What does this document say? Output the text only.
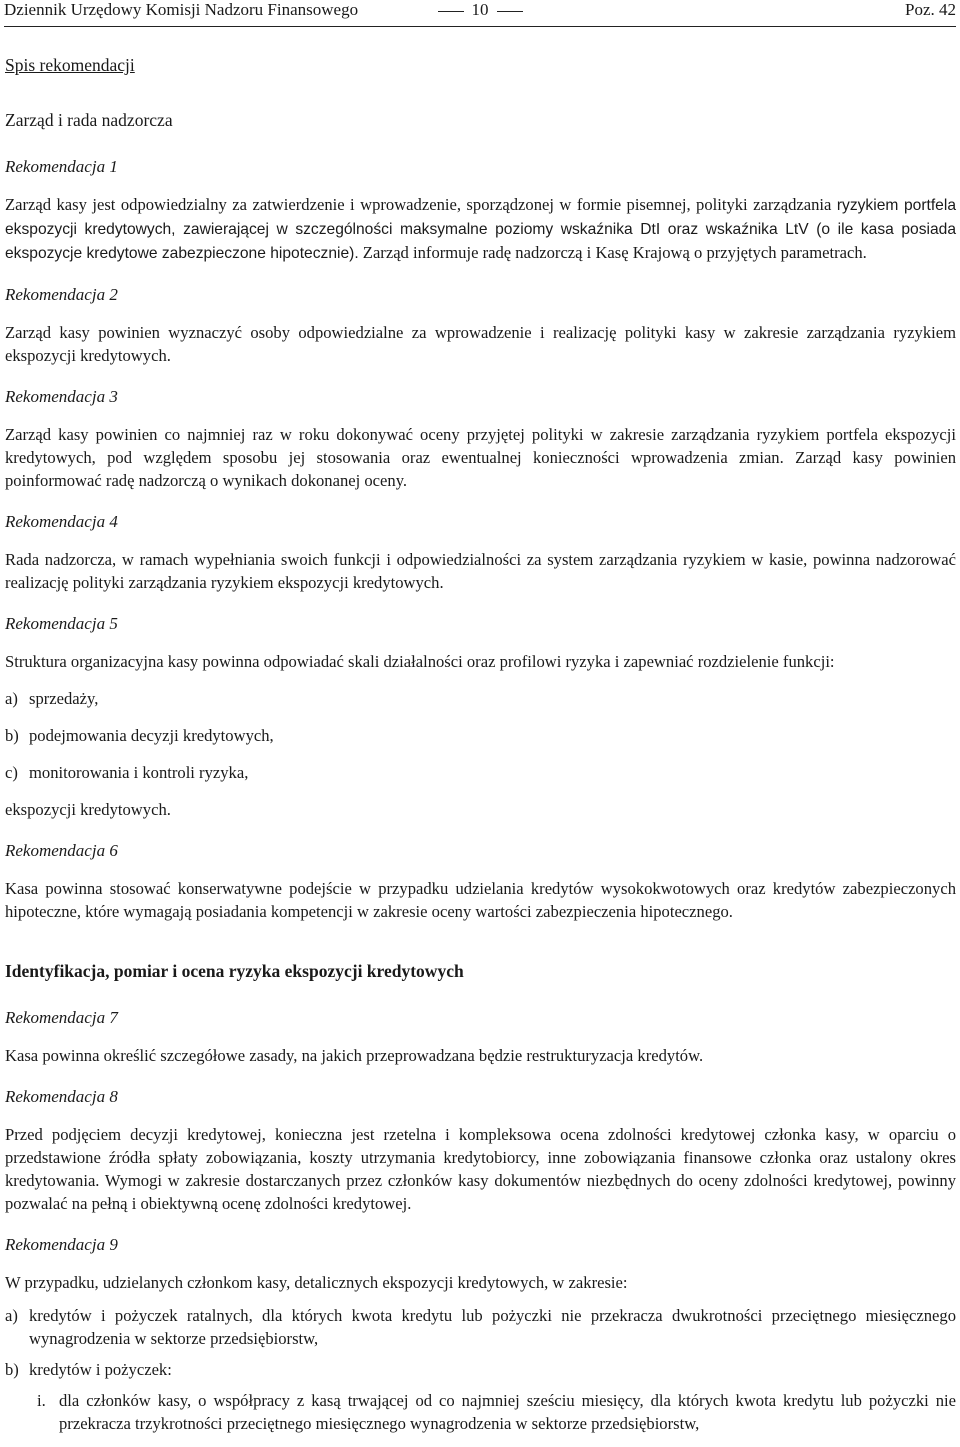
Dziennik Urzędowy Komisji Nadzoru Finansowego	10	Poz. 42
Spis rekomendacji
Zarząd i rada nadzorcza
Rekomendacja 1

Zarząd kasy jest odpowiedzialny za zatwierdzenie i wprowadzenie, sporządzonej w formie pisemnej, polityki zarządzania ryzykiem portfela ekspozycji kredytowych, zawierającej w szczególności maksymalne poziomy wskaźnika DtI oraz wskaźnika LtV (o ile kasa posiada ekspozycje kredytowe zabezpieczone hipotecznie). Zarząd informuje radę nadzorczą i Kasę Krajową o przyjętych parametrach.

Rekomendacja 2

Zarząd kasy powinien wyznaczyć osoby odpowiedzialne za wprowadzenie i realizację polityki kasy w zakresie zarządzania ryzykiem ekspozycji kredytowych.

Rekomendacja 3

Zarząd kasy powinien co najmniej raz w roku dokonywać oceny przyjętej polityki w zakresie zarządzania ryzykiem portfela ekspozycji kredytowych, pod względem sposobu jej stosowania oraz ewentualnej konieczności wprowadzenia zmian. Zarząd kasy powinien poinformować radę nadzorczą o wynikach dokonanej oceny.

Rekomendacja 4

Rada nadzorcza, w ramach wypełniania swoich funkcji i odpowiedzialności za system zarządzania ryzykiem w kasie, powinna nadzorować realizację polityki zarządzania ryzykiem ekspozycji kredytowych.

Rekomendacja 5

Struktura organizacyjna kasy powinna odpowiadać skali działalności oraz profilowi ryzyka i zapewniać rozdzielenie funkcji:

a) sprzedaży,
b) podejmowania decyzji kredytowych,
c) monitorowania i kontroli ryzyka,

ekspozycji kredytowych.

Rekomendacja 6

Kasa powinna stosować konserwatywne podejście w przypadku udzielania kredytów wysokokwotowych oraz kredytów zabezpieczonych hipoteczne, które wymagają posiadania kompetencji w zakresie oceny wartości zabezpieczenia hipotecznego.

Identyfikacja, pomiar i ocena ryzyka ekspozycji kredytowych
Rekomendacja 7

Kasa powinna określić szczegółowe zasady, na jakich przeprowadzana będzie restrukturyzacja kredytów.

Rekomendacja 8

Przed podjęciem decyzji kredytowej, konieczna jest rzetelna i kompleksowa ocena zdolności kredytowej członka kasy, w oparciu o przedstawione źródła spłaty zobowiązania, koszty utrzymania kredytobiorcy, inne zobowiązania finansowe członka oraz ustalony okres kredytowania. Wymogi w zakresie dostarczanych przez członków kasy dokumentów niezbędnych do oceny zdolności kredytowej, powinny pozwalać na pełną i obiektywną ocenę zdolności kredytowej.

Rekomendacja 9

W przypadku, udzielanych członkom kasy, detalicznych ekspozycji kredytowych, w zakresie:

a) kredytów i pożyczek ratalnych, dla których kwota kredytu lub pożyczki nie przekracza dwukrotności przeciętnego miesięcznego wynagrodzenia w sektorze przedsiębiorstw,
b) kredytów i pożyczek:
i. dla członków kasy, o współpracy z kasą trwającej od co najmniej sześciu miesięcy, dla których kwota kredytu lub pożyczki nie przekracza trzykrotności przeciętnego miesięcznego wynagrodzenia w sektorze przedsiębiorstw,
